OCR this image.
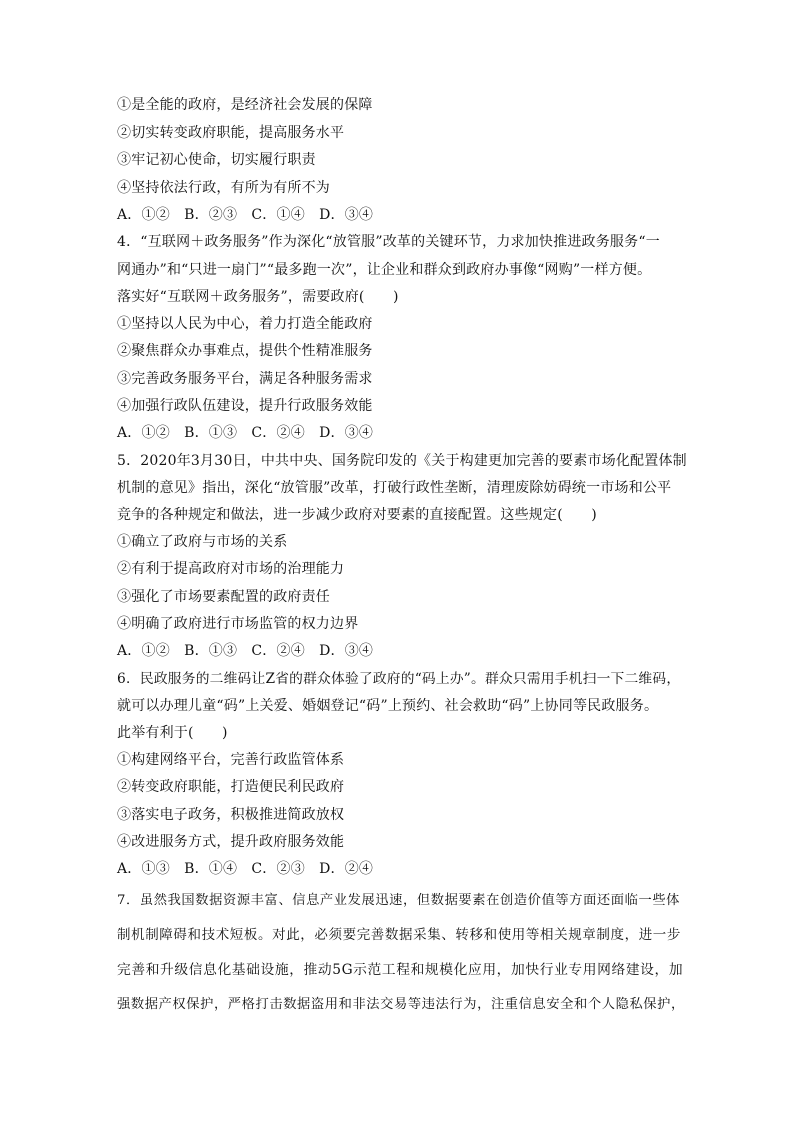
①是全能的政府，是经济社会发展的保障
②切实转变政府职能，提高服务水平
③牢记初心使命，切实履行职责
④坚持依法行政，有所为有所不为
A．①②　B．②③　C．①④　D．③④
4．“互联网＋政务服务”作为深化“放管服”改革的关键环节，力求加快推进政务服务“一
网通办”和“只进一扇门”“最多跑一次”，让企业和群众到政府办事像“网购”一样方便。
落实好“互联网＋政务服务”，需要政府(　　)
①坚持以人民为中心，着力打造全能政府
②聚焦群众办事难点，提供个性精准服务
③完善政务服务平台，满足各种服务需求
④加强行政队伍建设，提升行政服务效能
A．①②　B．①③　C．②④　D．③④
5．2020年3月30日，中共中央、国务院印发的《关于构建更加完善的要素市场化配置体制
机制的意见》指出，深化“放管服”改革，打破行政性垄断，清理废除妨碍统一市场和公平
竞争的各种规定和做法，进一步减少政府对要素的直接配置。这些规定(　　)
①确立了政府与市场的关系
②有利于提高政府对市场的治理能力
③强化了市场要素配置的政府责任
④明确了政府进行市场监管的权力边界
A．①②　B．①③　C．②④　D．③④
6．民政服务的二维码让Z省的群众体验了政府的“码上办”。群众只需用手机扫一下二维码，
就可以办理儿童“码”上关爱、婚姻登记“码”上预约、社会救助“码”上协同等民政服务。
此举有利于(　　)
①构建网络平台，完善行政监管体系
②转变政府职能，打造便民利民政府
③落实电子政务，积极推进简政放权
④改进服务方式，提升政府服务效能
A．①③　B．①④　C．②③　D．②④
7．虽然我国数据资源丰富、信息产业发展迅速，但数据要素在创造价值等方面还面临一些体
制机制障碍和技术短板。对此，必须要完善数据采集、转移和使用等相关规章制度，进一步
完善和升级信息化基础设施，推动5G示范工程和规模化应用，加快行业专用网络建设，加
强数据产权保护，严格打击数据盗用和非法交易等违法行为，注重信息安全和个人隐私保护，
